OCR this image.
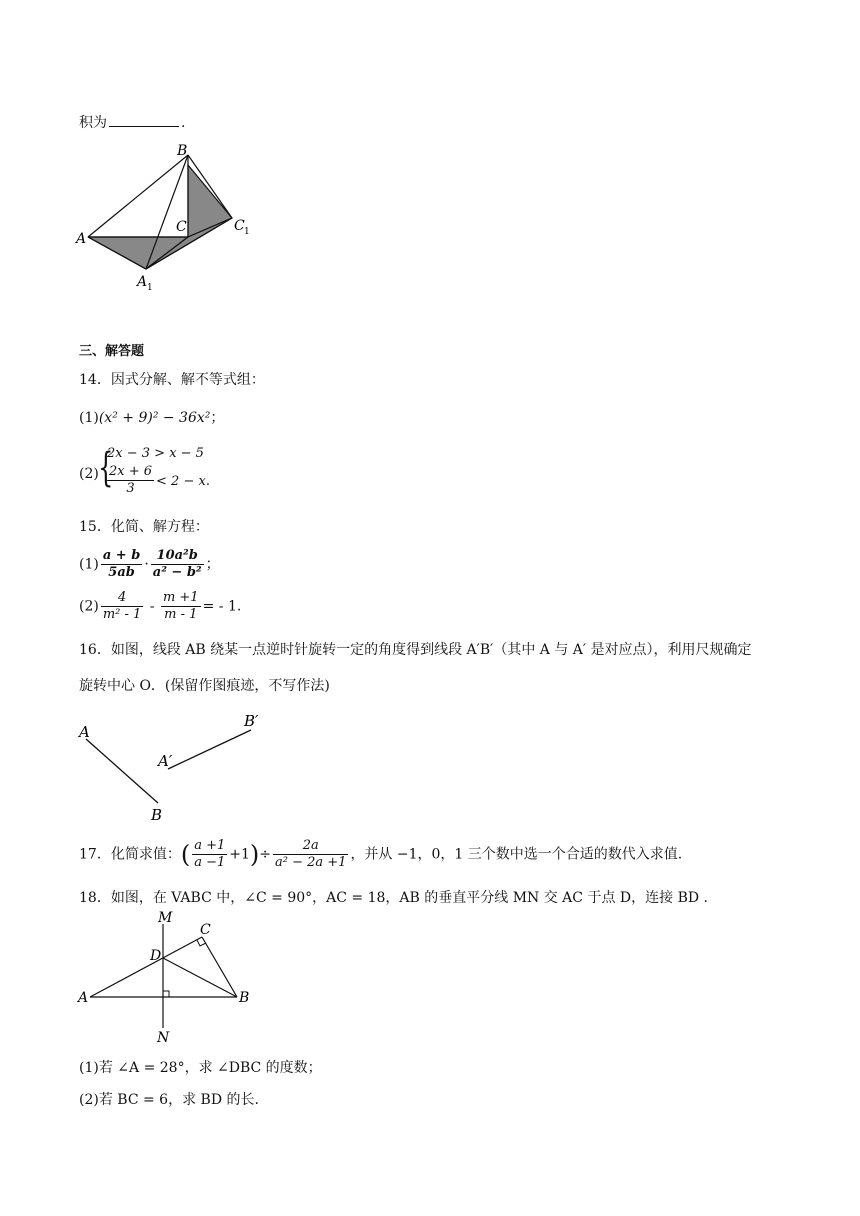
积为	.
B
A
C	C 1
A 1
三、解答题
14．因式分解、解不等式组：
(1)(x² + 9)² − 36x²；
(2) {
2x − 3 > x − 5
$\frac{2x + 6}{3} < 2 - x$.
15．化简、解方程：
$(1) \frac{a + b}{5ab} \cdot \frac{\text{10a²b}}{\text{a² − b²}}$ ；
$(2) \frac{4}{\text{m² - 1}} - \frac{m +1}{m - 1}$ = - 1.
16．如图，线段 AB 绕某一点逆时针旋转一定的角度得到线段 A′B′（其中 A 与 A′ 是对应点），利用尺规确定
旋转中心 O．(保留作图痕迹，不写作法)
A
B
A′
B′
17．化简求值：( $\frac{a +1}{a -1} +1)\div \frac{2a}{\text{a² − 2a +1}}$ ，并从 −1，0，1 三个数中选一个合适的数代入求值.
18．如图，在 VABC 中，∠C = 90°，AC = 18，AB 的垂直平分线 MN 交 AC 于点 D，连接 BD .
M
C
D
A	B
N
(1)若 ∠A = 28°，求 ∠DBC 的度数；
(2)若 BC = 6，求 BD 的长.
